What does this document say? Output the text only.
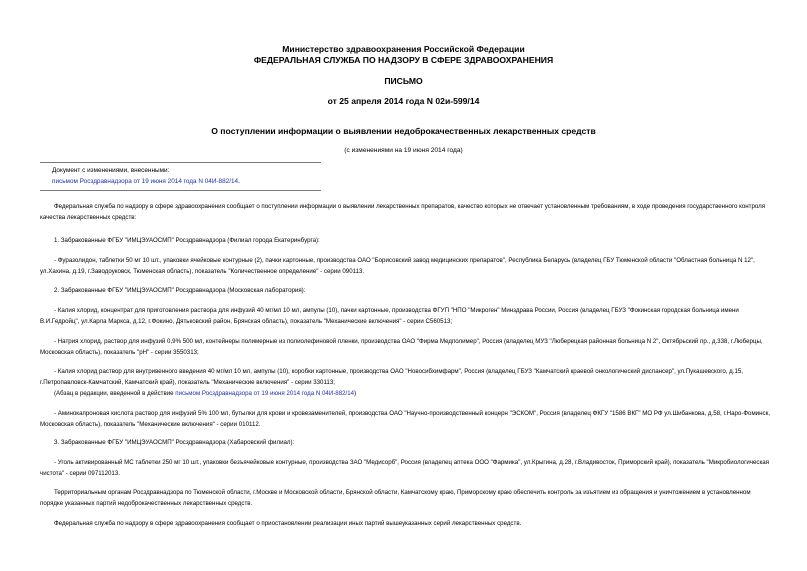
Министерство здравоохранения Российской Федерации
ФЕДЕРАЛЬНАЯ СЛУЖБА ПО НАДЗОРУ В СФЕРЕ ЗДРАВООХРАНЕНИЯ
ПИСЬМО
от 25 апреля 2014 года N 02и-599/14
О поступлении информации о выявлении недоброкачественных лекарственных средств
(с изменениями на 19 июня 2014 года)
Документ с изменениями, внесенными:
письмом Росздравнадзора от 19 июня 2014 года N 04И-882/14.

Федеральная служба по надзору в сфере здравоохранения сообщает о поступлении информации о выявлении лекарственных препаратов, качество которых не отвечает установленным требованиям, в ходе проведения государственного контроля качества лекарственных средств:

1. Забракованные ФГБУ "ИМЦЭУАОСМП" Росздравнадзора (Филиал города Екатеринбурга):

- Фуразолидон, таблетки 50 мг 10 шт., упаковки ячейковые контурные (2), пачки картонные, производства ОАО "Борисовский завод медицинских препаратов", Республика Беларусь (владелец ГБУ Тюменской области "Областная больница N 12", ул.Хахина, д.19, г.Заводоуковск, Тюменская область), показатель "Количественное определение" - серии 090113.

2. Забракованные ФГБУ "ИМЦЭУАОСМП" Росздравнадзора (Московская лаборатория):

- Калия хлорид, концентрат для приготовления раствора для инфузий 40 мг/мл 10 мл, ампулы (10), пачки картонные, производства ФГУП "НПО "Микроген" Минздрава России, Россия (владелец ГБУЗ "Фокинская городская больница имени В.И.Гедройц", ул.Карла Маркса, д.12, г.Фокино, Дятьковский район, Брянская область), показатель "Механические включения" - серии С560513;

- Натрия хлорид, раствор для инфузий 0,9% 500 мл, контейнеры полимерные из полиолефиновой пленки, производства ОАО "Фирма Медполимер", Россия (владелец МУЗ "Люберецкая районная больница N 2", Октябрьский пр., д.338, г.Люберцы, Московская область), показатель "рН" - серии 3550313;

- Калия хлорид раствор для внутривенного введения 40 мг/мл 10 мл, ампулы (10), коробки картонные, производства ОАО "Новосибхимфарм", Россия (владелец ГБУЗ "Камчатский краевой онкологический диспансер", ул.Пукашевского, д.15, г.Петропавловск-Камчатский, Камчатский край), показатель "Механические включения" - серии 330113;

(Абзац в редакции, введенной в действие письмом Росздравнадзора от 19 июня 2014 года N 04И-882/14)

- Аминокапроновая кислота раствор для инфузий 5% 100 мл, бутылки для крови и кровезаменителей, производства ОАО "Научно-производственный концерн "ЭСКОМ", Россия (владелец ФКГУ "1586 ВКГ" МО РФ ул.Шибанкова, д.58, г.Наро-Фоминск, Московская область), показатель "Механические включения" - серии 010112.

3. Забракованные ФГБУ "ИМЦЭУАОСМП" Росздравнадзора (Хабаровский филиал):

- Уголь активированный МС таблетки 250 мг 10 шт., упаковки безъячейковые контурные, производства ЗАО "Медисорб", Россия (владелец аптека ООО "Фармика", ул.Крыгина, д.28, г.Владивосток, Приморский край), показатель "Микробиологическая чистота" - серии 097112013.

Территориальным органам Росздравнадзора по Тюменской области, г.Москве и Московской области, Брянской области, Камчатскому краю, Приморскому краю обеспечить контроль за изъятием из обращения и уничтожением в установленном порядке указанных партий недоброкачественных лекарственных средств.

Федеральная служба по надзору в сфере здравоохранения сообщает о приостановлении реализации иных партий вышеуказанных серий лекарственных средств.
